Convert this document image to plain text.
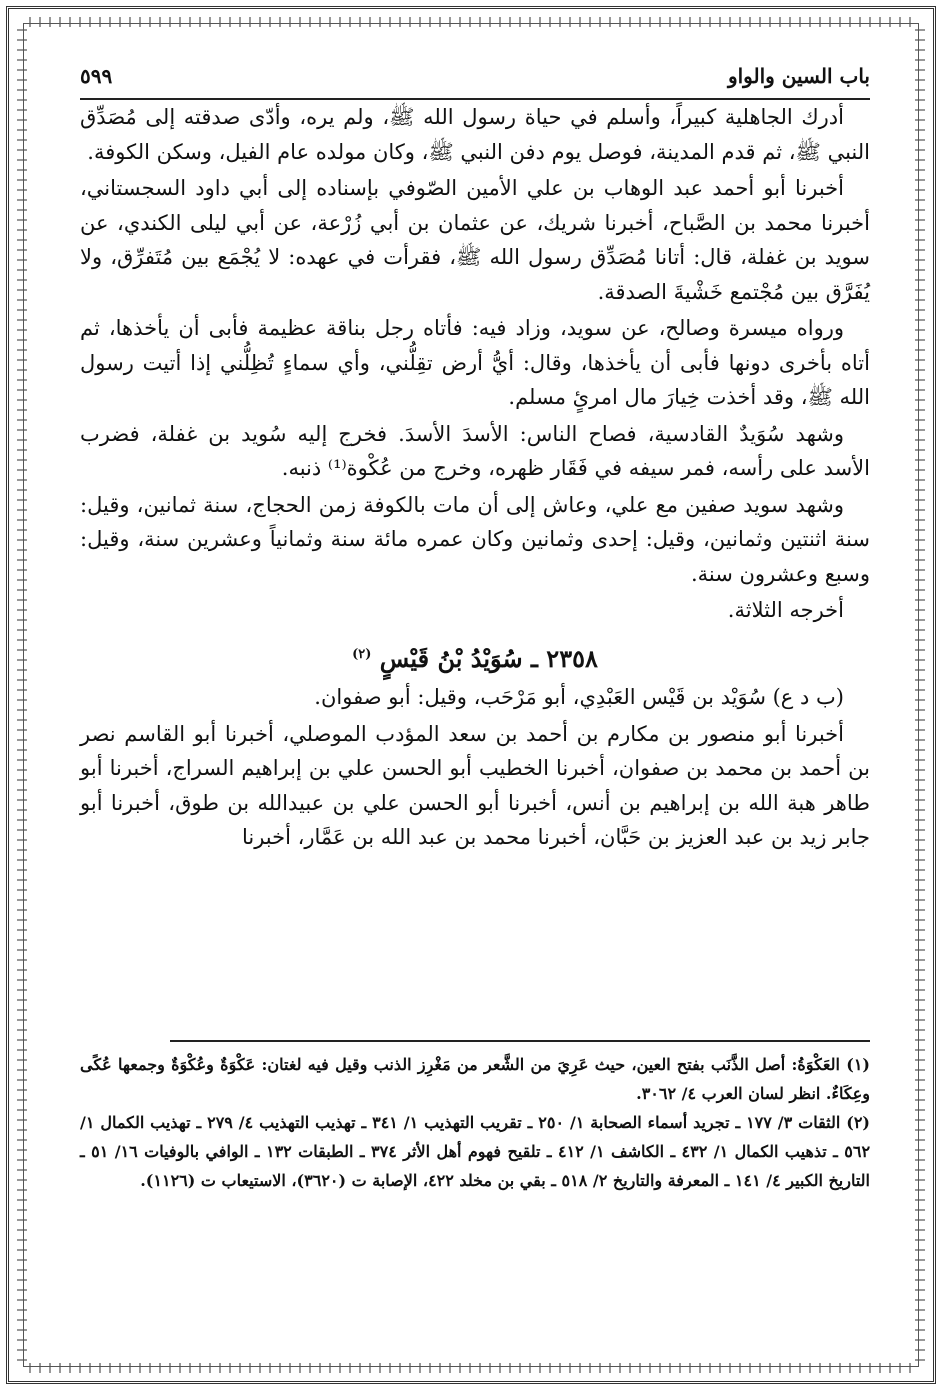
باب السين والواو
٥٩٩

أدرك الجاهلية كبيراً، وأسلم في حياة رسول الله ﷺ، ولم يره، وأدّى صدقته إلى مُصَدِّق النبي ﷺ، ثم قدم المدينة، فوصل يوم دفن النبي ﷺ، وكان مولده عام الفيل، وسكن الكوفة.

أخبرنا أبو أحمد عبد الوهاب بن علي الأمين الصّوفي بإسناده إلى أبي داود السجستاني، أخبرنا محمد بن الصَّباح، أخبرنا شريك، عن عثمان بن أبي زُرْعة، عن أبي ليلى الكندي، عن سويد بن غفلة، قال: أتانا مُصَدِّق رسول الله ﷺ، فقرأت في عهده: لا يُجْمَع بين مُتَفرِّق، ولا يُفَرَّق بين مُجْتمع خَشْيةَ الصدقة.

ورواه ميسرة وصالح، عن سويد، وزاد فيه: فأتاه رجل بناقة عظيمة فأبى أن يأخذها، ثم أتاه بأخرى دونها فأبى أن يأخذها، وقال: أيُّ أرض تقِلُّني، وأي سماءٍ تُظِلُّني إذا أتيت رسول الله ﷺ، وقد أخذت خِيارَ مال امرئٍ مسلم.

وشهد سُوَيدٌ القادسية، فصاح الناس: الأسدَ الأسدَ. فخرج إليه سُويد بن غفلة، فضرب الأسد على رأسه، فمر سيفه في فَقَار ظهره، وخرج من عُكْوة⁽¹⁾ ذنبه.

وشهد سويد صفين مع علي، وعاش إلى أن مات بالكوفة زمن الحجاج، سنة ثمانين، وقيل: سنة اثنتين وثمانين، وقيل: إحدى وثمانين وكان عمره مائة سنة وثمانياً وعشرين سنة، وقيل: وسبع وعشرون سنة.

أخرجه الثلاثة.

٢٣٥٨ ـ سُوَيْدُ بْنُ قَيْسٍ $^{(٢)}$

(ب د ع) سُوَيْد بن قَيْس العَبْدِي، أبو مَرْحَب، وقيل: أبو صفوان.

أخبرنا أبو منصور بن مكارم بن أحمد بن سعد المؤدب الموصلي، أخبرنا أبو القاسم نصر بن أحمد بن محمد بن صفوان، أخبرنا الخطيب أبو الحسن علي بن إبراهيم السراج، أخبرنا أبو طاهر هبة الله بن إبراهيم بن أنس، أخبرنا أبو الحسن علي بن عبيدالله بن طوق، أخبرنا أبو جابر زيد بن عبد العزيز بن حَبَّان، أخبرنا محمد بن عبد الله بن عَمَّار، أخبرنا

(١) العَكْوَةُ: أصل الذَّنَب بفتح العين، حيث عَرِيَ من الشَّعر من مَغْرِز الذنب وقيل فيه لغتان: عَكْوَةٌ وعُكْوَةٌ وجمعها عُكًى وعِكَاءٌ. انظر لسان العرب ٤/ ٣٠٦٢.

(٢) الثقات ٣/ ١٧٧ ـ تجريد أسماء الصحابة ١/ ٢٥٠ ـ تقريب التهذيب ١/ ٣٤١ ـ تهذيب التهذيب ٤/ ٢٧٩ ـ تهذيب الكمال ١/ ٥٦٢ ـ تذهيب الكمال ١/ ٤٣٢ ـ الكاشف ١/ ٤١٢ ـ تلقيح فهوم أهل الأثر ٣٧٤ ـ الطبقات ١٣٢ ـ الوافي بالوفيات ١٦/ ٥١ ـ التاريخ الكبير ٤/ ١٤١ ـ المعرفة والتاريخ ٢/ ٥١٨ ـ بقي بن مخلد ٤٢٢، الإصابة ت (٣٦٢٠)، الاستيعاب ت (١١٢٦).
